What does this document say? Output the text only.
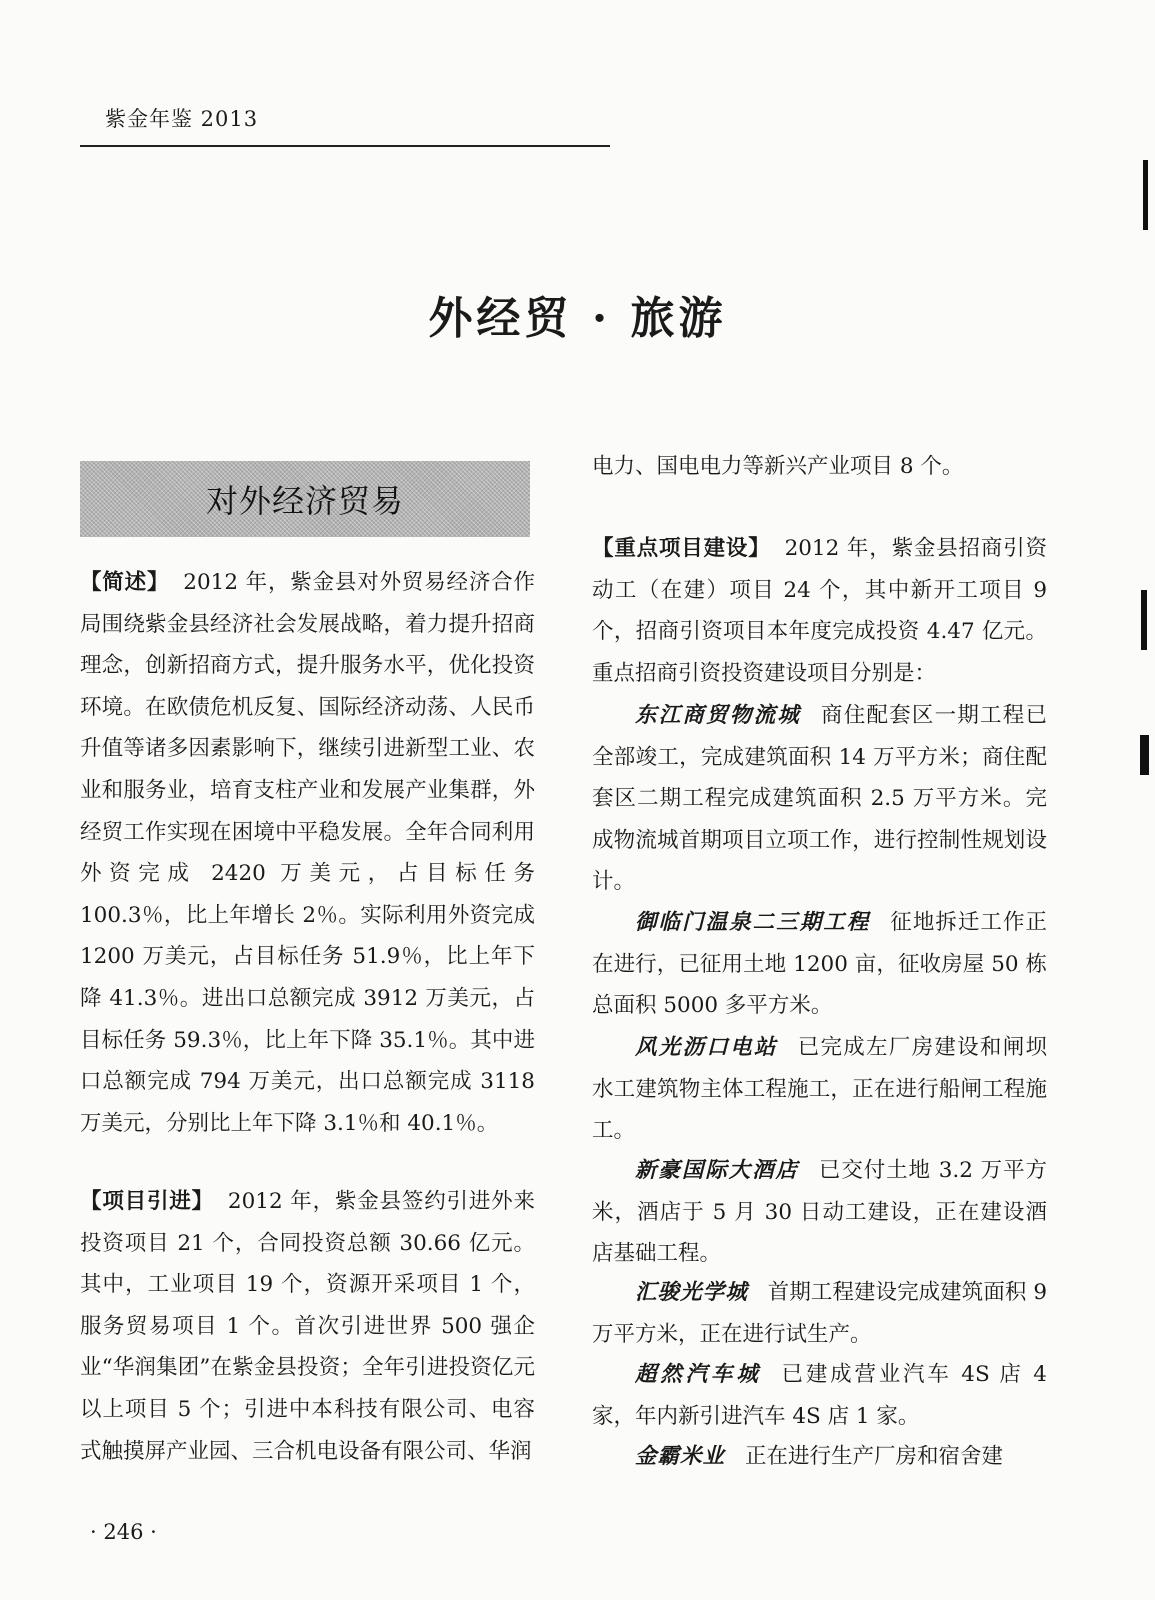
紫金年鉴 2013
外经贸 · 旅游
对外经济贸易

【简述】 2012 年，紫金县对外贸易经济合作局围绕紫金县经济社会发展战略，着力提升招商理念，创新招商方式，提升服务水平，优化投资环境。在欧债危机反复、国际经济动荡、人民币升值等诸多因素影响下，继续引进新型工业、农业和服务业，培育支柱产业和发展产业集群，外经贸工作实现在困境中平稳发展。全年合同利用外资完成 2420 万美元，占目标任务 100.3％，比上年增长 2％。实际利用外资完成 1200 万美元，占目标任务 51.9％，比上年下降 41.3％。进出口总额完成 3912 万美元，占目标任务 59.3％，比上年下降 35.1％。其中进口总额完成 794 万美元，出口总额完成 3118 万美元，分别比上年下降 3.1％和 40.1％。

【项目引进】 2012 年，紫金县签约引进外来投资项目 21 个，合同投资总额 30.66 亿元。其中，工业项目 19 个，资源开采项目 1 个，服务贸易项目 1 个。首次引进世界 500 强企业“华润集团”在紫金县投资；全年引进投资亿元以上项目 5 个；引进中本科技有限公司、电容式触摸屏产业园、三合机电设备有限公司、华润

电力、国电电力等新兴产业项目 8 个。

【重点项目建设】 2012 年，紫金县招商引资动工（在建）项目 24 个，其中新开工项目 9 个，招商引资项目本年度完成投资 4.47 亿元。重点招商引资投资建设项目分别是：

东江商贸物流城 商住配套区一期工程已全部竣工，完成建筑面积 14 万平方米；商住配套区二期工程完成建筑面积 2.5 万平方米。完成物流城首期项目立项工作，进行控制性规划设计。

御临门温泉二三期工程 征地拆迁工作正在进行，已征用土地 1200 亩，征收房屋 50 栋总面积 5000 多平方米。

风光沥口电站 已完成左厂房建设和闸坝水工建筑物主体工程施工，正在进行船闸工程施工。

新豪国际大酒店 已交付土地 3.2 万平方米，酒店于 5 月 30 日动工建设，正在建设酒店基础工程。

汇骏光学城 首期工程建设完成建筑面积 9 万平方米，正在进行试生产。

超然汽车城 已建成营业汽车 4S 店 4 家，年内新引进汽车 4S 店 1 家。

金霸米业 正在进行生产厂房和宿舍建

· 246 ·
